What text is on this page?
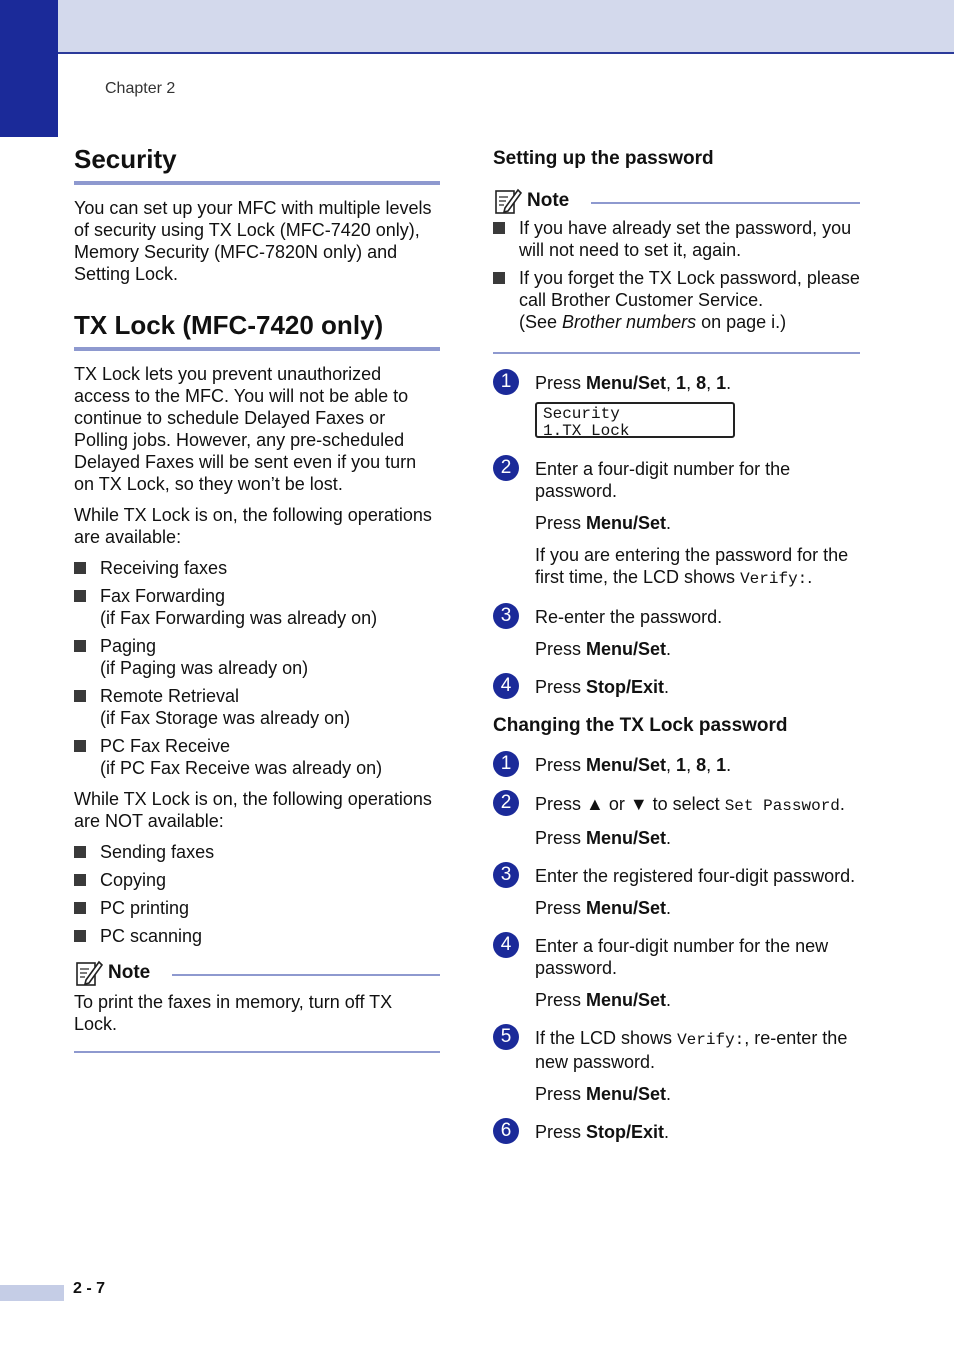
Chapter 2
Security

You can set up your MFC with multiple levels of security using TX Lock (MFC-7420 only), Memory Security (MFC-7820N only) and Setting Lock.

TX Lock (MFC-7420 only)

TX Lock lets you prevent unauthorized access to the MFC. You will not be able to continue to schedule Delayed Faxes or Polling jobs. However, any pre-scheduled Delayed Faxes will be sent even if you turn on TX Lock, so they won’t be lost.

While TX Lock is on, the following operations are available:

Receiving faxes
Fax Forwarding
(if Fax Forwarding was already on)
Paging
(if Paging was already on)
Remote Retrieval
(if Fax Storage was already on)
PC Fax Receive
(if PC Fax Receive was already on)

While TX Lock is on, the following operations are NOT available:

Sending faxes
Copying
PC printing
PC scanning
Note

To print the faxes in memory, turn off TX Lock.

Setting up the password
Note
If you have already set the password, you will not need to set it, again.
If you forget the TX Lock password, please call Brother Customer Service.
(See Brother numbers on page i.)
1	Press Menu/Set, 1, 8, 1.

Security
1.TX Lock
2	Enter a four-digit number for the password.

Press Menu/Set.

If you are entering the password for the first time, the LCD shows Verify:.

3	Re-enter the password.

Press Menu/Set.

4	Press Stop/Exit.

Changing the TX Lock password
1	Press Menu/Set, 1, 8, 1.

2	Press ▲ or ▼ to select Set Password.

Press Menu/Set.

3	Enter the registered four-digit password.

Press Menu/Set.

4	Enter a four-digit number for the new password.

Press Menu/Set.

5	If the LCD shows Verify:, re-enter the new password.

Press Menu/Set.

6	Press Stop/Exit.

2 - 7
